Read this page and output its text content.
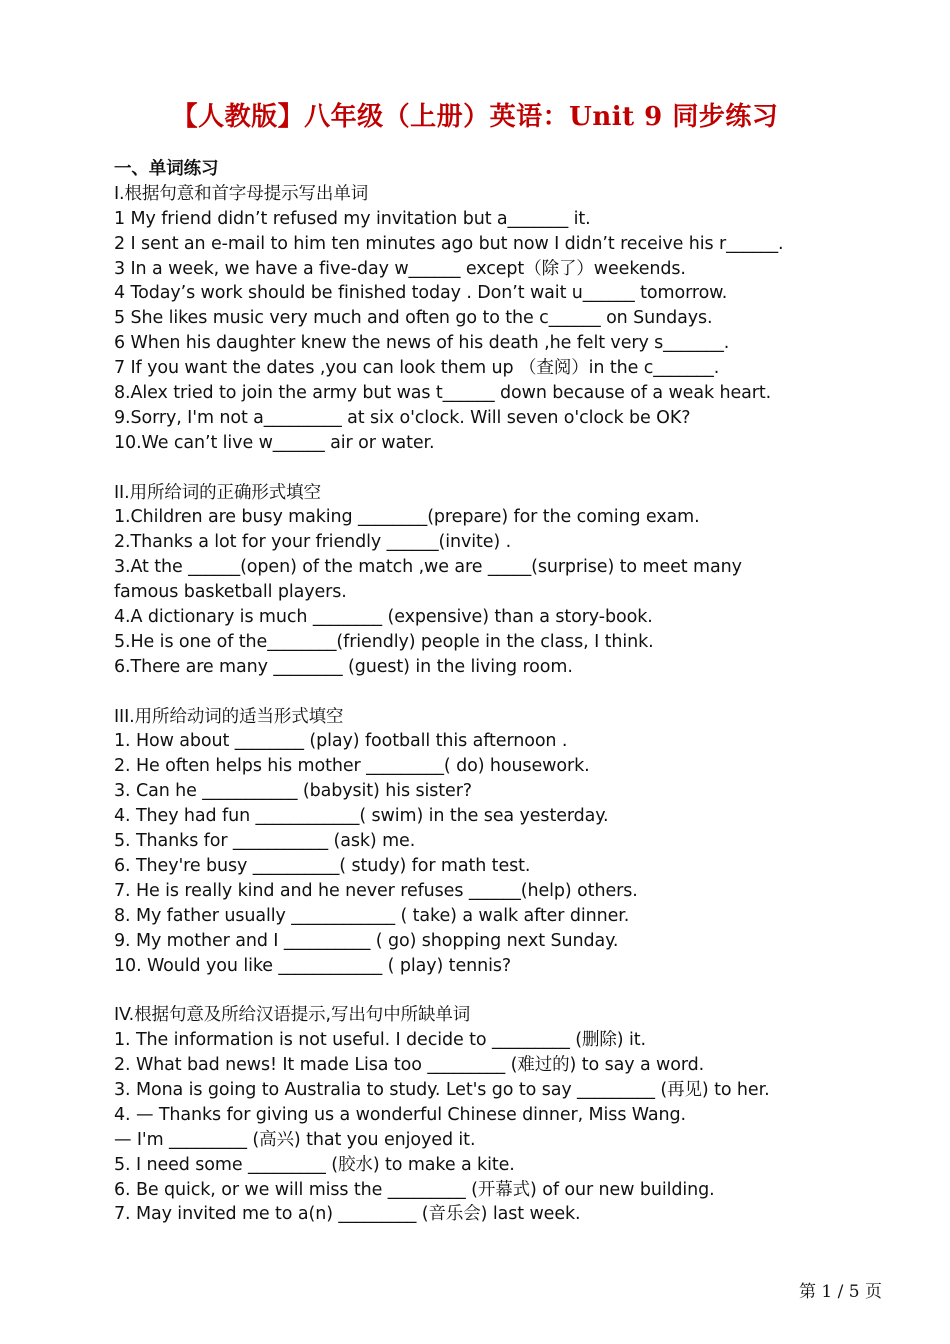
【人教版】八年级（上册）英语：Unit 9 同步练习
一、单词练习
I.根据句意和首字母提示写出单词
1 My friend didn’t refused my invitation but a_______ it.
2 I sent an e-mail to him ten minutes ago but now I didn’t receive his r______.
3 In a week, we have a five-day w______ except（除了）weekends.
4 Today’s work should be finished today . Don’t wait u______ tomorrow.
5 She likes music very much and often go to the c______ on Sundays.
6 When his daughter knew the news of his death ,he felt very s_______.
7 If you want the dates ,you can look them up （查阅）in the c_______.
8.Alex tried to join the army but was t______ down because of a weak heart.
9.Sorry, I'm not a_________ at six o'clock. Will seven o'clock be OK?
10.We can’t live w______ air or water.
II.用所给词的正确形式填空
1.Children are busy making ________(prepare) for the coming exam.
2.Thanks a lot for your friendly ______(invite) .
3.At the ______(open) of the match ,we are _____(surprise) to meet many
famous basketball players.
4.A dictionary is much ________ (expensive) than a story-book.
5.He is one of the________(friendly) people in the class, I think.
6.There are many ________ (guest) in the living room.
III.用所给动词的适当形式填空
1. How about ________ (play) football this afternoon .
2. He often helps his mother _________( do) housework.
3. Can he ___________ (babysit) his sister?
4. They had fun ____________( swim) in the sea yesterday.
5. Thanks for ___________ (ask) me.
6. They're busy __________( study) for math test.
7. He is really kind and he never refuses ______(help) others.
8. My father usually ____________ ( take) a walk after dinner.
9. My mother and I __________ ( go) shopping next Sunday.
10. Would you like ____________ ( play) tennis?
IV.根据句意及所给汉语提示,写出句中所缺单词
1. The information is not useful. I decide to _________ (删除) it.
2. What bad news! It made Lisa too _________ (难过的) to say a word.
3. Mona is going to Australia to study. Let's go to say _________ (再见) to her.
4. — Thanks for giving us a wonderful Chinese dinner, Miss Wang.
— I'm _________ (高兴) that you enjoyed it.
5. I need some _________ (胶水) to make a kite.
6. Be quick, or we will miss the _________ (开幕式) of our new building.
7. May invited me to a(n) _________ (音乐会) last week.
第 1 / 5 页
